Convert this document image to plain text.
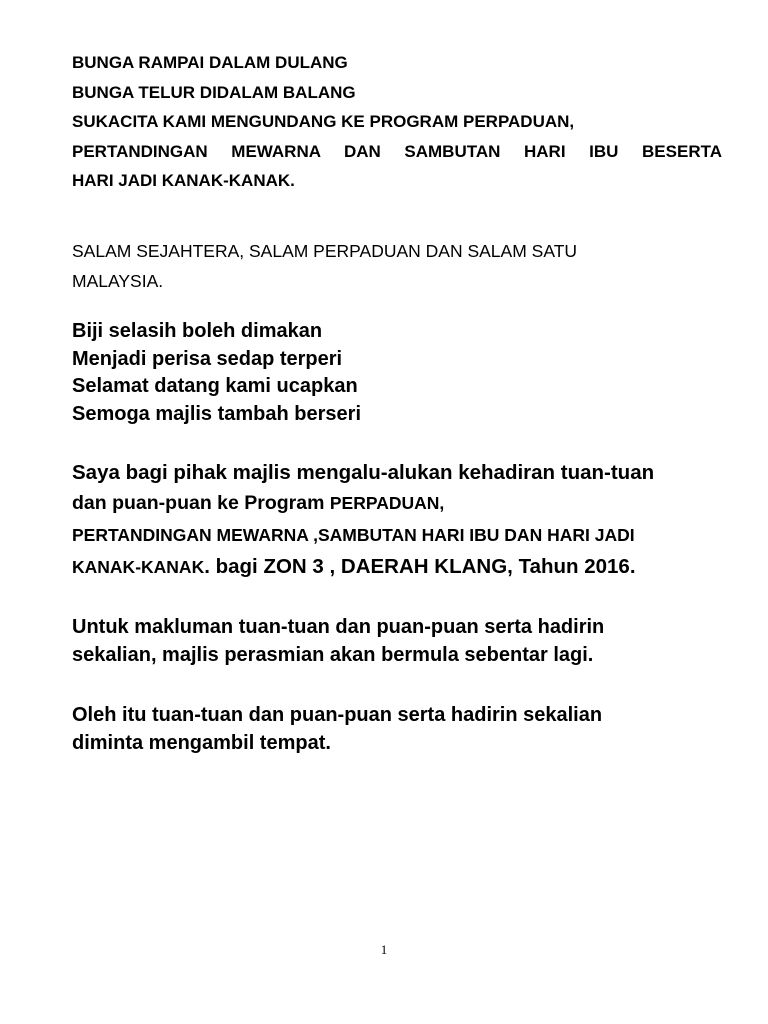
BUNGA RAMPAI DALAM DULANG
BUNGA TELUR DIDALAM BALANG
SUKACITA KAMI MENGUNDANG KE PROGRAM PERPADUAN,
PERTANDINGAN MEWARNA DAN SAMBUTAN HARI IBU BESERTA
HARI JADI KANAK-KANAK.
SALAM SEJAHTERA, SALAM PERPADUAN DAN SALAM SATU
MALAYSIA.
Biji selasih boleh dimakan
Menjadi perisa sedap terperi
Selamat datang kami ucapkan
Semoga majlis tambah berseri
Saya bagi pihak majlis mengalu-alukan kehadiran tuan-tuan
dan puan-puan ke Program PERPADUAN,
PERTANDINGAN MEWARNA ,SAMBUTAN HARI IBU DAN HARI JADI
KANAK-KANAK. bagi ZON 3 , DAERAH KLANG, Tahun 2016.
Untuk makluman tuan-tuan dan puan-puan serta hadirin
sekalian, majlis perasmian akan bermula sebentar lagi.
Oleh itu tuan-tuan dan puan-puan serta hadirin sekalian
diminta mengambil tempat.
1
